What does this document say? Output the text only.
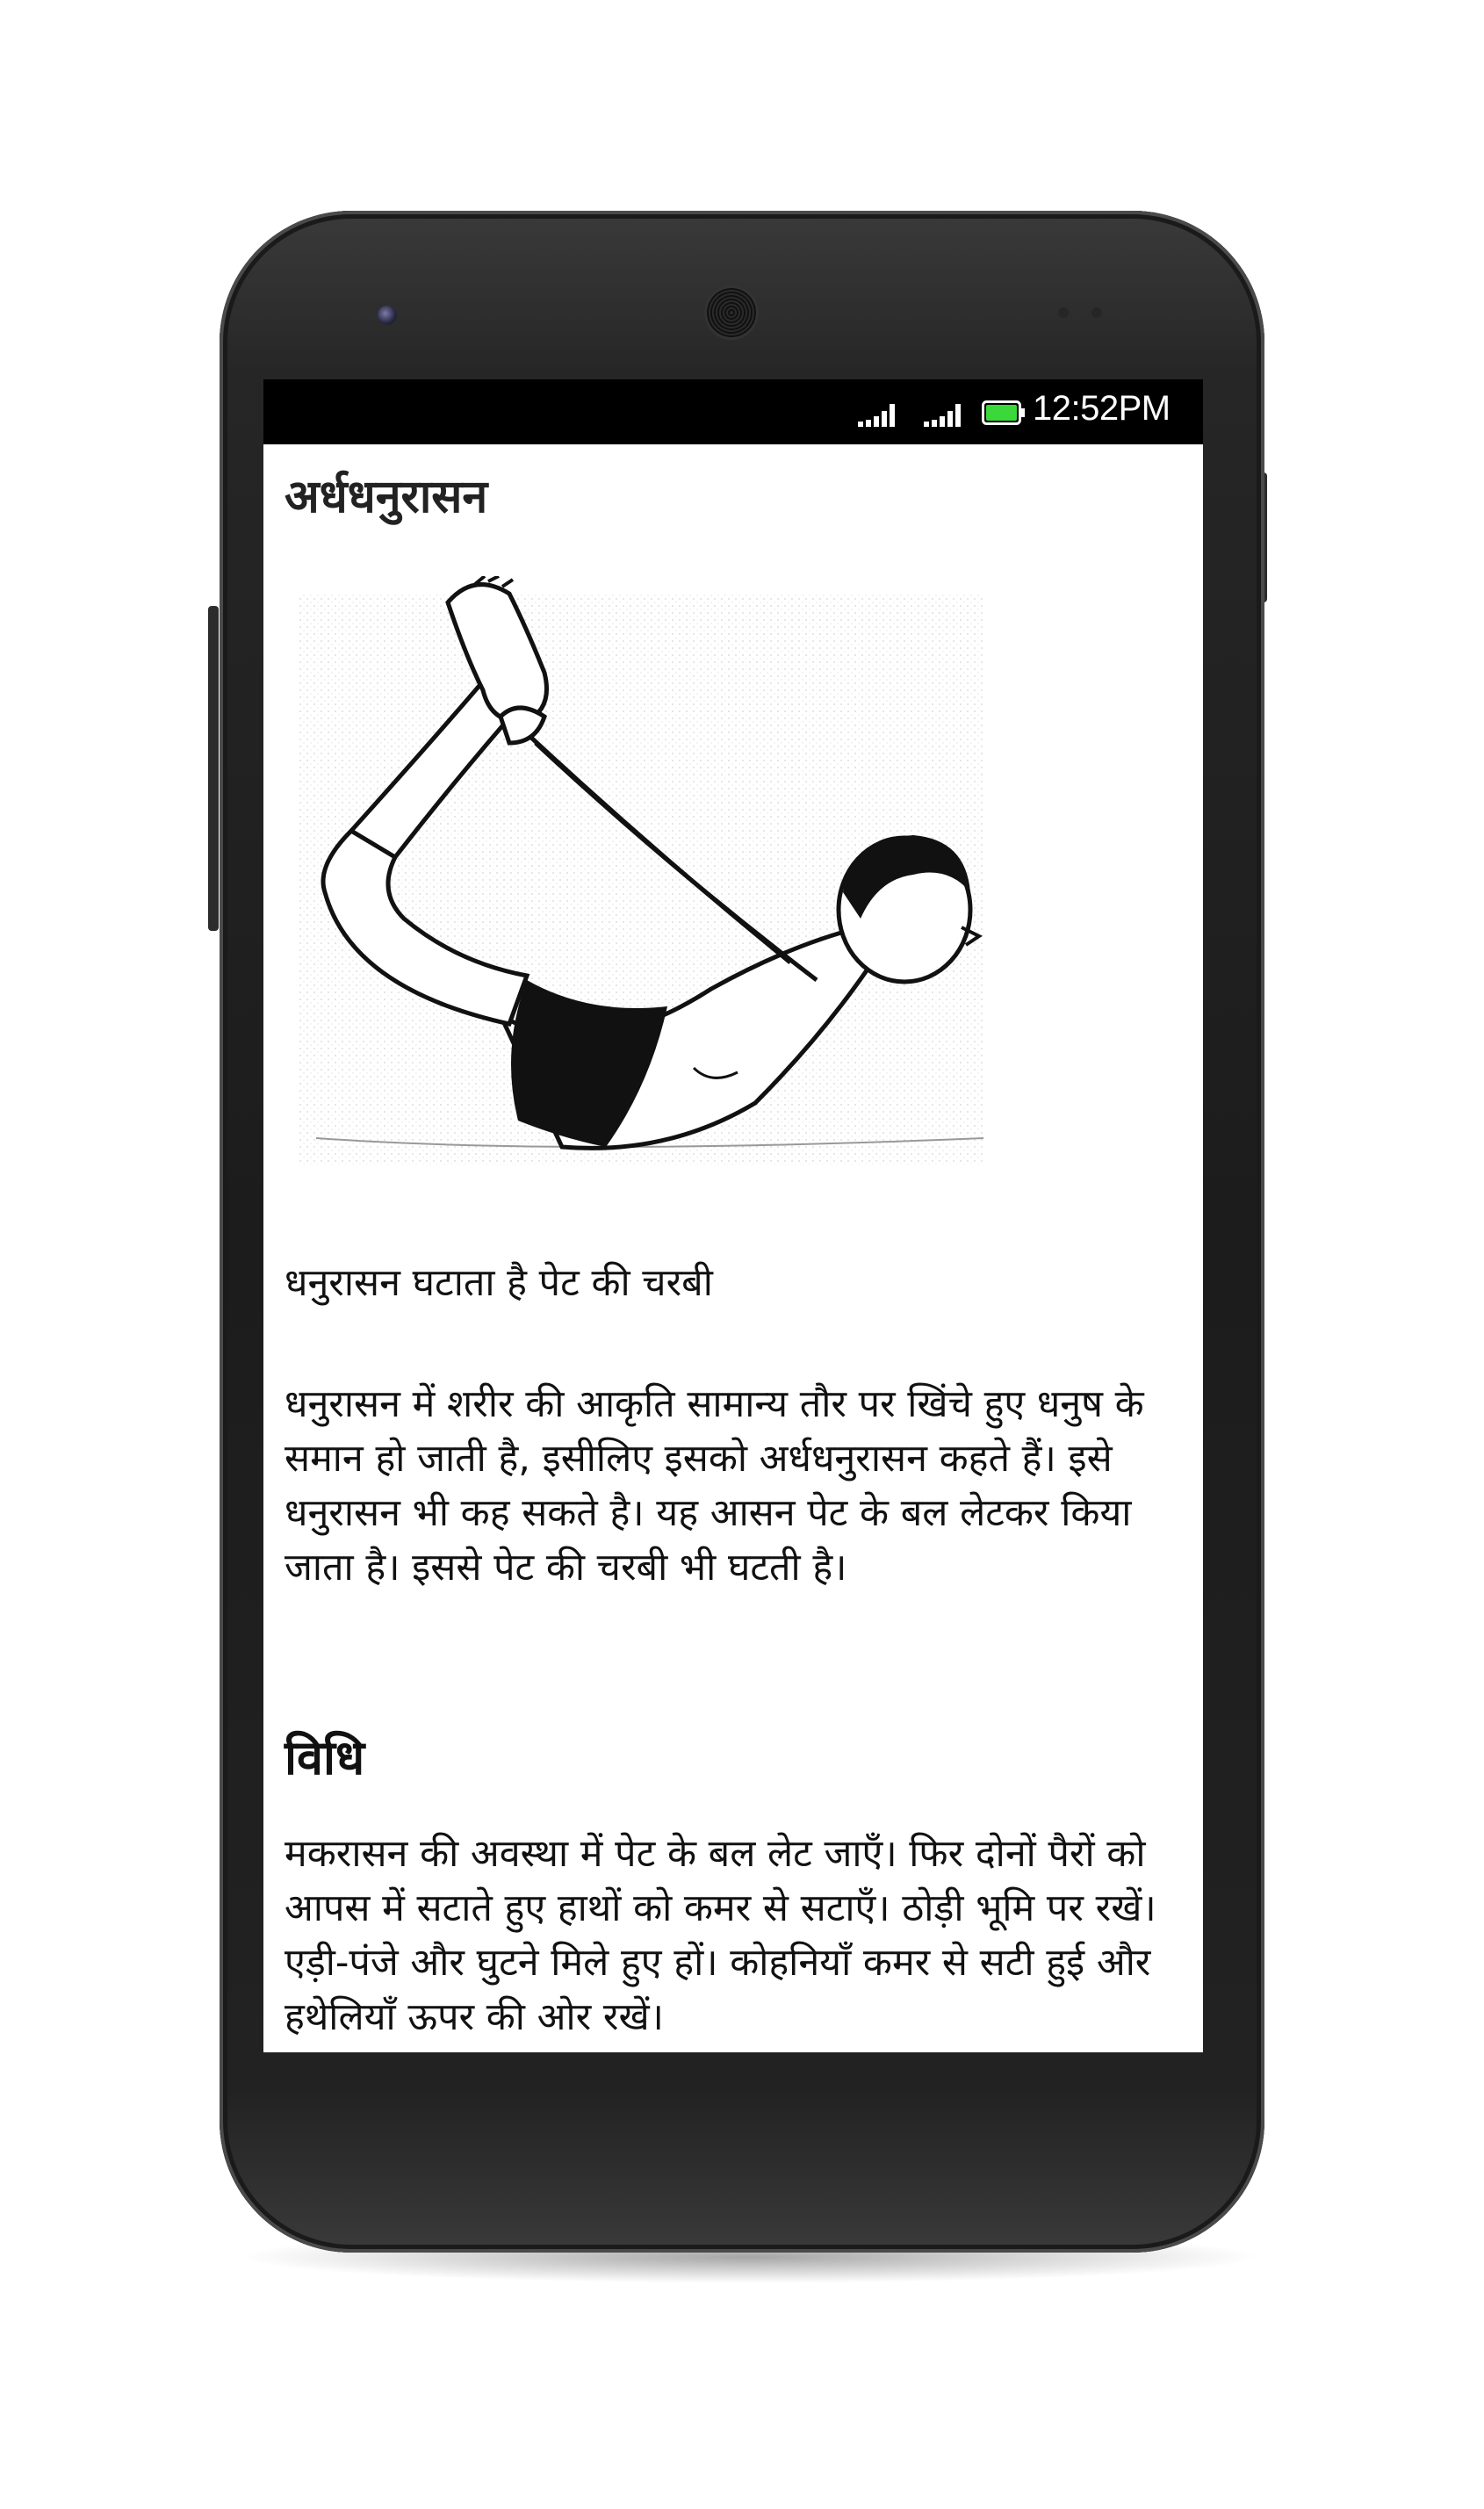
12:52PM
अर्धधनुरासन

धनुरासन घटाता है पेट की चरबी

धनुरासन में शरीर की आकृति सामान्य तौर पर खिंचे हुए धनुष के समान हो जाती है, इसीलिए इसको अर्धधनुरासन कहते हैं। इसे धनुरासन भी कह सकते है। यह आसन पेट के बल लेटकर किया जाता है। इससे पेट की चरबी भी घटती है।

विधि

मकरासन की अवस्था में पेट के बल लेट जाएँ। फिर दोनों पैरों को आपस में सटाते हुए हाथों को कमर से सटाएँ। ठोड़ी भूमि पर रखें। एड़ी-पंजे और घुटने मिले हुए हों। कोहनियाँ कमर से सटी हुई और हथेलियाँ ऊपर की ओर रखें।
